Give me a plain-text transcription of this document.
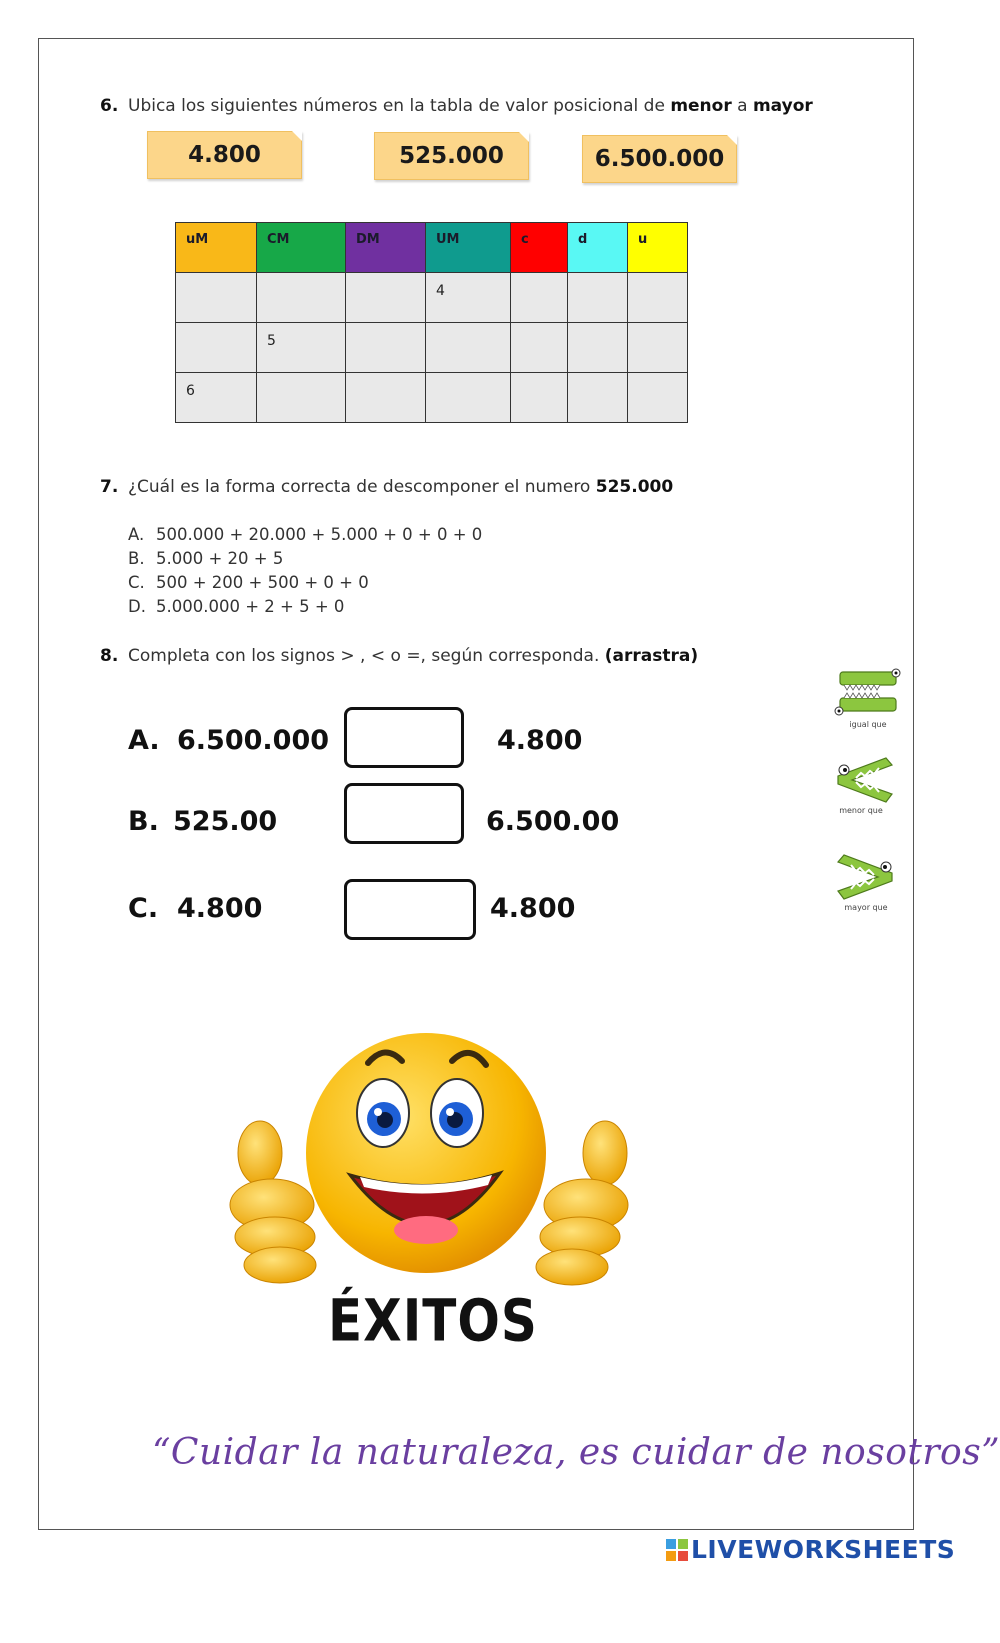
6. Ubica los siguientes números en la tabla de valor posicional de menor a mayor
4.800	525.000	6.500.000
uM	CM	DM	UM	c	d	u
			4			
	5					
6						
7. ¿Cuál es la forma correcta de descomponer el numero 525.000
A. 500.000 + 20.000 + 5.000 + 0 + 0 + 0
B. 5.000 + 20 + 5
C. 500 + 200 + 500 + 0 + 0
D. 5.000.000 + 2 + 5 + 0
8. Completa con los signos > , < o =, según corresponda. (arrastra)
A. 6.500.000	4.800
B. 525.00	6.500.00
C. 4.800	4.800
igual que
menor que
mayor que
ÉXITOS
“Cuidar la naturaleza, es cuidar de nosotros”
LIVEWORKSHEETS
